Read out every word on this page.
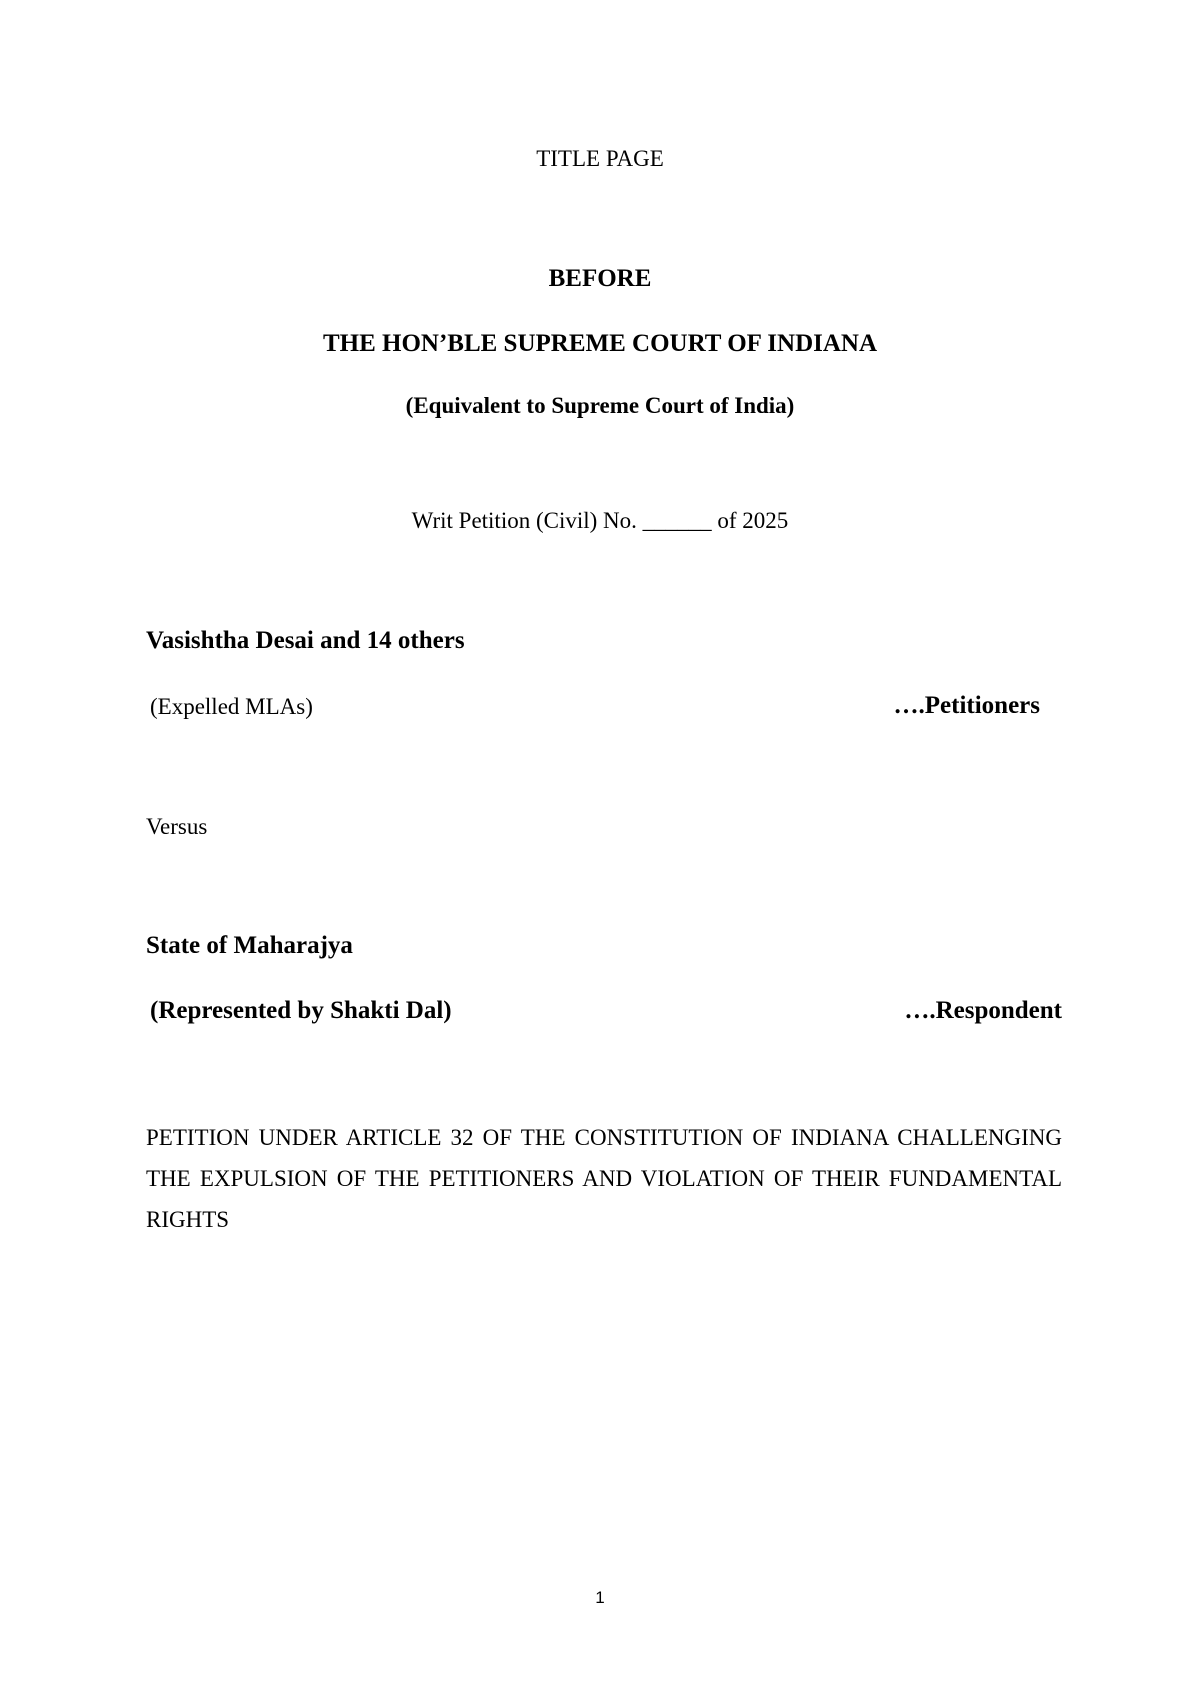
TITLE PAGE
BEFORE
THE HON’BLE SUPREME COURT OF INDIANA
(Equivalent to Supreme Court of India)
Writ Petition (Civil) No. ______ of 2025
Vasishtha Desai and 14 others
(Expelled MLAs)	….Petitioners
Versus
State of Maharajya
(Represented by Shakti Dal)	….Respondent
PETITION UNDER ARTICLE 32 OF THE CONSTITUTION OF INDIANA CHALLENGING THE EXPULSION OF THE PETITIONERS AND VIOLATION OF THEIR FUNDAMENTAL RIGHTS
1
